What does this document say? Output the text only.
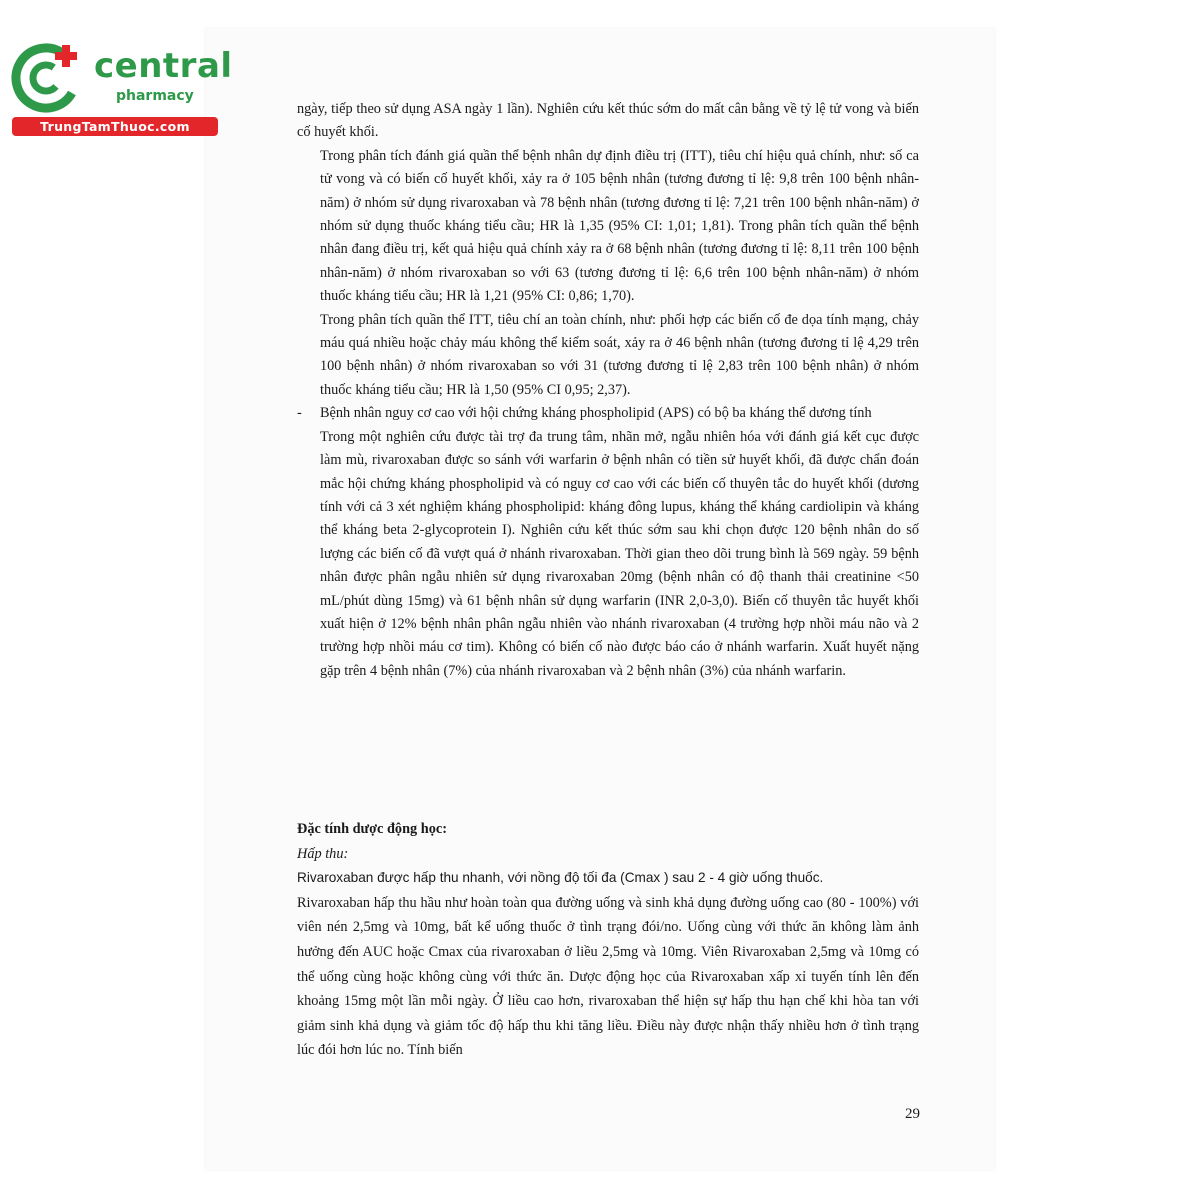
central
pharmacy
TrungTamThuoc.com

ngày, tiếp theo sử dụng ASA ngày 1 lần). Nghiên cứu kết thúc sớm do mất cân bằng về tỷ lệ tử vong và biến cố huyết khối.

Trong phân tích đánh giá quần thể bệnh nhân dự định điều trị (ITT), tiêu chí hiệu quả chính, như: số ca tử vong và có biến cố huyết khối, xảy ra ở 105 bệnh nhân (tương đương tỉ lệ: 9,8 trên 100 bệnh nhân-năm) ở nhóm sử dụng rivaroxaban và 78 bệnh nhân (tương đương tỉ lệ: 7,21 trên 100 bệnh nhân-năm) ở nhóm sử dụng thuốc kháng tiểu cầu; HR là 1,35 (95% CI: 1,01; 1,81). Trong phân tích quần thể bệnh nhân đang điều trị, kết quả hiệu quả chính xảy ra ở 68 bệnh nhân (tương đương tỉ lệ: 8,11 trên 100 bệnh nhân-năm) ở nhóm rivaroxaban so với 63 (tương đương tỉ lệ: 6,6 trên 100 bệnh nhân-năm) ở nhóm thuốc kháng tiểu cầu; HR là 1,21 (95% CI: 0,86; 1,70).

Trong phân tích quần thể ITT, tiêu chí an toàn chính, như: phối hợp các biến cố đe dọa tính mạng, chảy máu quá nhiều hoặc chảy máu không thể kiểm soát, xảy ra ở 46 bệnh nhân (tương đương tỉ lệ 4,29 trên 100 bệnh nhân) ở nhóm rivaroxaban so với 31 (tương đương tỉ lệ 2,83 trên 100 bệnh nhân) ở nhóm thuốc kháng tiểu cầu; HR là 1,50 (95% CI 0,95; 2,37).

-	Bệnh nhân nguy cơ cao với hội chứng kháng phospholipid (APS) có bộ ba kháng thể dương tính

Trong một nghiên cứu được tài trợ đa trung tâm, nhãn mở, ngẫu nhiên hóa với đánh giá kết cục được làm mù, rivaroxaban được so sánh với warfarin ở bệnh nhân có tiền sử huyết khối, đã được chẩn đoán mắc hội chứng kháng phospholipid và có nguy cơ cao với các biến cố thuyên tắc do huyết khối (dương tính với cả 3 xét nghiệm kháng phospholipid: kháng đông lupus, kháng thể kháng cardiolipin và kháng thể kháng beta 2-glycoprotein I). Nghiên cứu kết thúc sớm sau khi chọn được 120 bệnh nhân do số lượng các biến cố đã vượt quá ở nhánh rivaroxaban. Thời gian theo dõi trung bình là 569 ngày. 59 bệnh nhân được phân ngẫu nhiên sử dụng rivaroxaban 20mg (bệnh nhân có độ thanh thải creatinine <50 mL/phút dùng 15mg) và 61 bệnh nhân sử dụng warfarin (INR 2,0-3,0). Biến cố thuyên tắc huyết khối xuất hiện ở 12% bệnh nhân phân ngẫu nhiên vào nhánh rivaroxaban (4 trường hợp nhồi máu não và 2 trường hợp nhồi máu cơ tim). Không có biến cố nào được báo cáo ở nhánh warfarin. Xuất huyết nặng gặp trên 4 bệnh nhân (7%) của nhánh rivaroxaban và 2 bệnh nhân (3%) của nhánh warfarin.

Đặc tính dược động học:

Hấp thu:

Rivaroxaban được hấp thu nhanh, với nồng độ tối đa (Cmax ) sau 2 - 4 giờ uống thuốc.

Rivaroxaban hấp thu hầu như hoàn toàn qua đường uống và sinh khả dụng đường uống cao (80 - 100%) với viên nén 2,5mg và 10mg, bất kể uống thuốc ở tình trạng đói/no. Uống cùng với thức ăn không làm ảnh hưởng đến AUC hoặc Cmax của rivaroxaban ở liều 2,5mg và 10mg. Viên Rivaroxaban 2,5mg và 10mg có thể uống cùng hoặc không cùng với thức ăn. Dược động học của Rivaroxaban xấp xỉ tuyến tính lên đến khoảng 15mg một lần mỗi ngày. Ở liều cao hơn, rivaroxaban thể hiện sự hấp thu hạn chế khi hòa tan với giảm sinh khả dụng và giảm tốc độ hấp thu khi tăng liều. Điều này được nhận thấy nhiều hơn ở tình trạng lúc đói hơn lúc no. Tính biến

29
